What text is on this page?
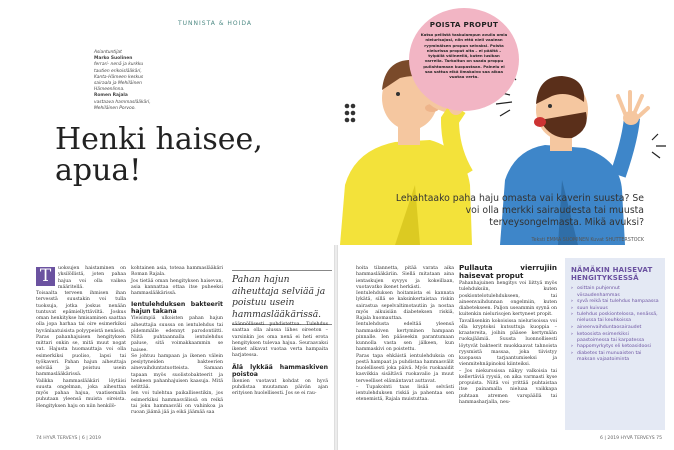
POISTA PROPUT

Katso peilistä taskulampun avulla omia nielurisojasi, niin että nieli vaalean ryyminäisen propun selvaksi. Poista nielurissa proput alta – ei päältä – tylpällä välineellä, kuten lusikan varrella. Tarkoitun on saada proppu pullahtamaan kuopastaan. Painelu ei saa sattua eikä limakalvo saa alkaa vuotaa verta.

TUNNISTA & HOIDA
Asiantuntijat
Marko Suolinen
ferrari- nenä ja kurkku tautien erikoislääkäri, Kanta-Hämeen keskus sairaala ja Mehiläinen Hämeenlinna.
Romen Rajala
vastaava hammaslääkäri, Mehiläinen Porvoo.
Henki haisee,
apua!
Lehahtaako paha haju omasta vai kaverin suusta? Se voi olla merkki sairaudesta tai muusta terveysongelmasta. Mikä avuksi?
Teksti EMMA SUOMINEN Kuvat SHUTTERSTOCK

T	uoksujen haistaminen on yksilöllistä, joten pahaa hajua voi olla vaikea määritellä.

Toisaalta terveen ihmisen ihan tervesstä suustakin voi tulla tuoksuja, jotka joskus nenään tuntuvat epämiellyttäviltä. Joskus oman henkitykse hmisaminen saattaa olla jopa harhaa tai oire esimerkiksi hyvänlaatuisista polyypeistä nenässä.

Paras pahanhajuisen hengityksen mittari onkin se, mitä muut nogat vat. Hajusta huomauttaja voi olla esimerkiksi puoliso, lapsi tai työkaveri. Pahan hajun aiheuttaja selviää ja poistuu usein hammaslääkärissä.

Valikka hammaslääkäri löytäisi suusta ongelman, joka aiheuttaa myös pahaa hajua, vaatisemalla puhutaan yleensä muista oireista. Hengityksen haju on niin henkilö-

kohtainen asia, toteaa hammaslääkäri Roman Rajala.

Jos tietää oman hengityksen haisevan, asia kannattaa ottaa itse puheeksi hammaslääkärissä.

Ientulehduksen bakteerit hajun takana

Yleisimpiä ulkoisten pahan hajun aiheuttajia suussa on ientulehdus tai pidemmälle edennyt parodontiitti. Niitä puhtaannalla ientulehdus paluse, sitä voimakkaammin se haisee.

Se johtuu hampaan ja ikenen välein pesiytyneiden bakteerien ainevaihduntatuotteista. Samaan tapaan myös suolistobakteerit ja henkeen pahanhajuisen kaasuja. Mitä selittää.

Ien voi tulehtua paikallisestikin, jos esimerkiksi hammasvälissä on reikä tai joku hammasväli on vahinkoa ja ruoan jäämä jää ja eikä jäämää saa

Pahan hajun aiheuttaja selviää ja poistuu usein hammaslääkärissä.

säännöllisesti puhdistettua. Tulehdus saattaa olla alussa lähes oireeton – varsinkin jos oma nenä ei heti erota hengityksen tulevaa hajua. Seuraavaksi ikenet alkavat vuotaa verta hampaita harjatessa.

Älä lykkää hammaskiven poistoa

Ikenien vuotavat kohdat on hyvä puhdistaa muutaman päivän ajan erityisen huolellisesti. Jos se ei rau-

hoita tilannetta, pitää varata aika hammaslääkäriin. Siellä mitataan aina ientaskujen syvyys ja kokeillaan, vuotavatko ikenet herkästi.

Ientulehduksen hoitamista ei kannata lykätä, sillä se kaksinkertaistaa riskin sairastua sepelvaltimotautiin ja nostaa myös aikuisiän diabeteksen riskiä, Rajala huomauttaa.

Ientulehdusta edeltää yleensä hammaskiven kertyminen hampaan pinnalle. Ien pääseekin parantumaan kunnolla vasta sen jälkeen, kun hammaskivi on poistettu.

Paras tapa ehkäistä ientulehduksia on pestä hampaat ja puhdistaa hammasvälit huolellisesti joka päivä. Myös ruokaaidit kasvikkia sisältävä ruokavalio ja muut terveelliset elämäntavat auttavat.

– Tupakointi taas lisää selvästi ientulehduksen riskiä ja pahentaa sen etenemistä, Rajala muistuttaa.

Pullauta vierrujiin haisevat proput

Pahanhajuinen hengitys voi liittyä myös tulehduksiin, kuten poskiontelotulehdukseen, tai aineenvaihdunnan ongelmiin, kuten diabetekseen. Paljon useammin syynä on kuitenkin nielurisojen kertyneet propit.

Tavallisenkin kokoisissa nielurisoissa voi olla kryptoksi kutsuttuja kuoppia – kraatereita, joihin pääsee kertymään ruokajäämiä. Suusta luonnollisesti löytyvät bakteerit muokkaavat tahnoista ryysmistä massaa, joka tiivistyy kuopassa tarjaantumiseksi ja vienmitehnäpinoksi kiinteiksi.

– Jos niekurssissa näkyy valkoisia tai kellertäviä ryysiä, on aika varmasti kyse propuista. Niitä voi yrittää puhtaistaa itse painamalla nieluaa vaikkapa puhtaan atremen varspäällä tai hammasharjalla, neu-

NÄMÄKIN HAISEVAT HENGITYKSESSÄ
› osittain puhjennut viisaudenhammas
› syvä reikä tai tulehdus hampaassa
› suun kuivuus
› tulehdus poskiontelossa, nenässä, nielussa tai keuhkoissa
› aineenvaihduntaosairaudet
› ketoosista esimerkiksi paastoimessa tai karpatessa
› happomyrkytys eli ketoasidoosi
› diabetes tai munuaisten tai maksan vajaatoiminta
74 HYVÄ TERVEYS | 6 | 2019	6 | 2019 HYVÄ TERVEYS 75
